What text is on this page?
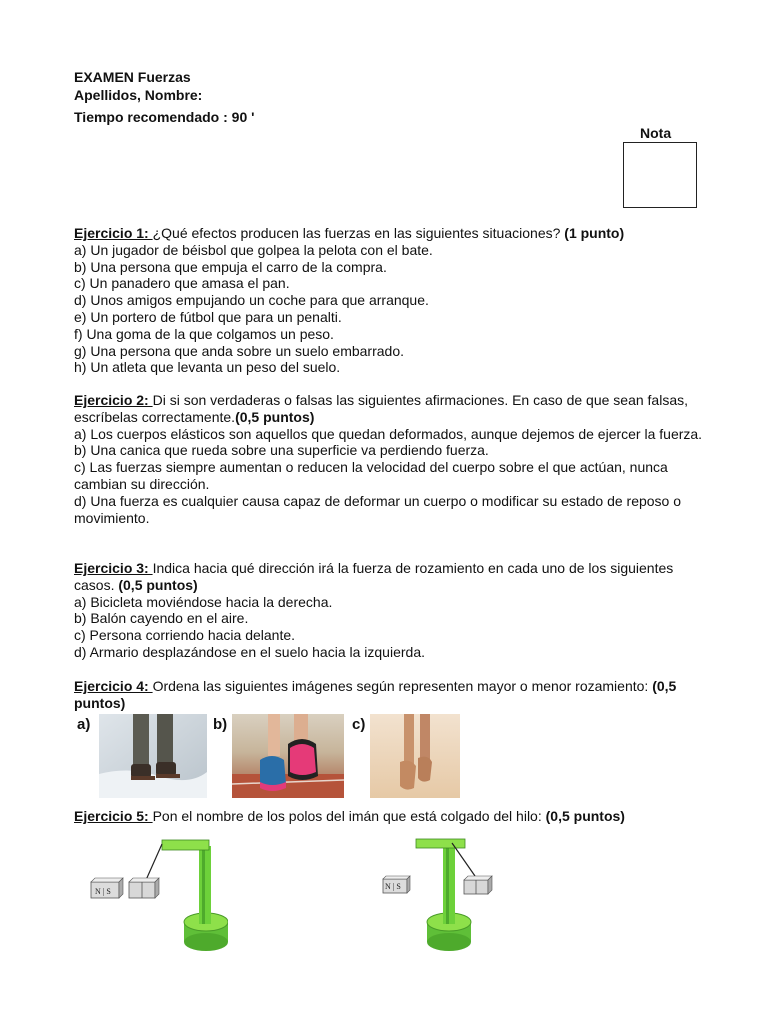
EXAMEN Fuerzas
Apellidos, Nombre:
Tiempo recomendado : 90 '
Nota

Ejercicio 1: ¿Qué efectos producen las fuerzas en las siguientes situaciones? (1 punto)

a) Un jugador de béisbol que golpea la pelota con el bate.

b) Una persona que empuja el carro de la compra.

c) Un panadero que amasa el pan.

d) Unos amigos empujando un coche para que arranque.

e) Un portero de fútbol que para un penalti.

f) Una goma de la que colgamos un peso.

g) Una persona que anda sobre un suelo embarrado.

h) Un atleta que levanta un peso del suelo.

Ejercicio 2: Di si son verdaderas o falsas las siguientes afirmaciones. En caso de que sean falsas, escríbelas correctamente.(0,5 puntos)

a) Los cuerpos elásticos son aquellos que quedan deformados, aunque dejemos de ejercer la fuerza.

b) Una canica que rueda sobre una superficie va perdiendo fuerza.

c) Las fuerzas siempre aumentan o reducen la velocidad del cuerpo sobre el que actúan, nunca cambian su dirección.

d) Una fuerza es cualquier causa capaz de deformar un cuerpo o modificar su estado de reposo o movimiento.

Ejercicio 3: Indica hacia qué dirección irá la fuerza de rozamiento en cada uno de los siguientes casos. (0,5 puntos)

a) Bicicleta moviéndose hacia la derecha.

b) Balón cayendo en el aire.

c) Persona corriendo hacia delante.

d) Armario desplazándose en el suelo hacia la izquierda.

Ejercicio 4: Ordena las siguientes imágenes según representen mayor o menor rozamiento: (0,5 puntos)

a)	b)	c)

Ejercicio 5: Pon el nombre de los polos del imán que está colgado del hilo: (0,5 puntos)

N | S
N | S
